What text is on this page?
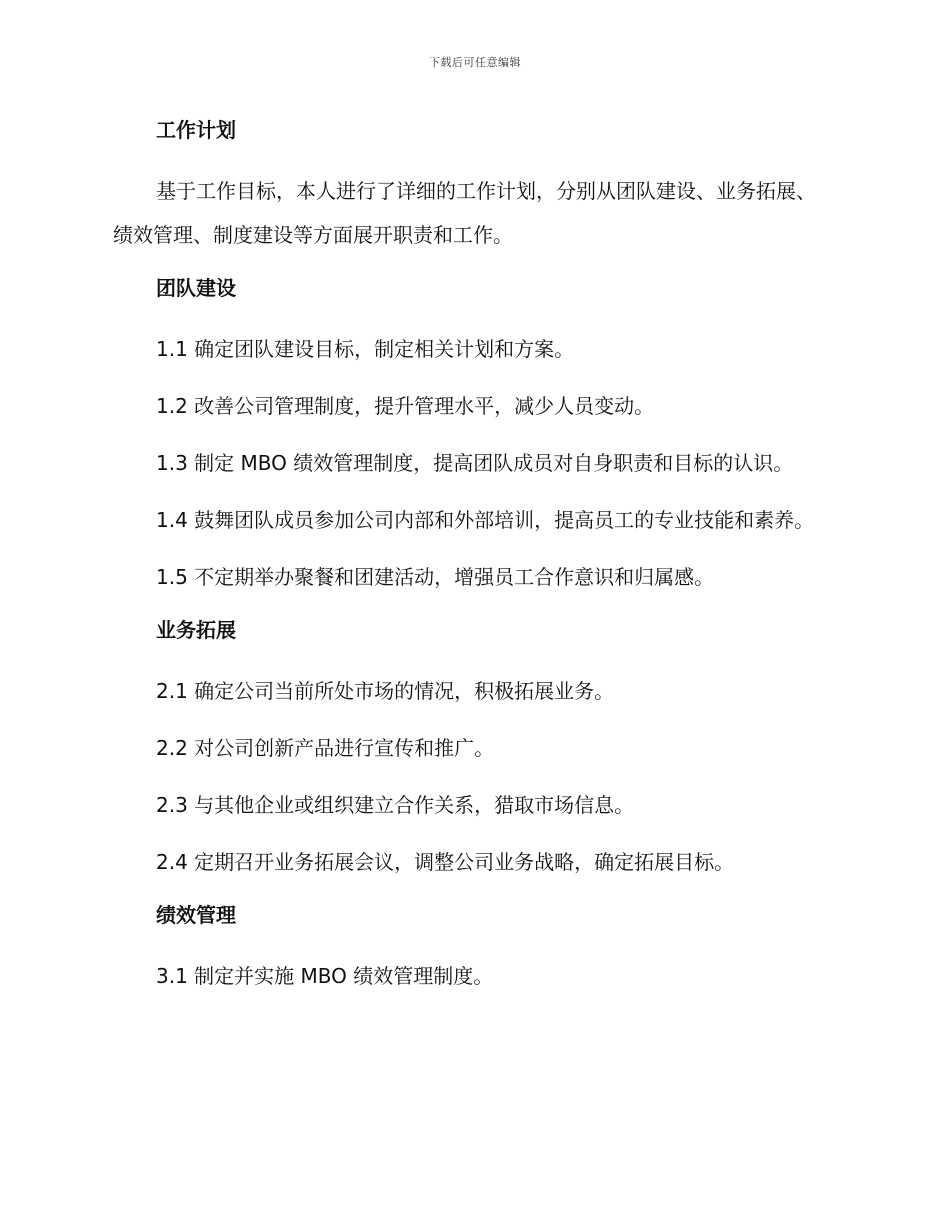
下载后可任意编辑
工作计划
基于工作目标，本人进行了详细的工作计划，分别从团队建设、业务拓展、绩效管理、制度建设等方面展开职责和工作。
团队建设
1.1 确定团队建设目标，制定相关计划和方案。
1.2 改善公司管理制度，提升管理水平，减少人员变动。
1.3 制定 MBO 绩效管理制度，提高团队成员对自身职责和目标的认识。
1.4 鼓舞团队成员参加公司内部和外部培训，提高员工的专业技能和素养。
1.5 不定期举办聚餐和团建活动，增强员工合作意识和归属感。
业务拓展
2.1 确定公司当前所处市场的情况，积极拓展业务。
2.2 对公司创新产品进行宣传和推广。
2.3 与其他企业或组织建立合作关系，猎取市场信息。
2.4 定期召开业务拓展会议，调整公司业务战略，确定拓展目标。
绩效管理
3.1 制定并实施 MBO 绩效管理制度。
